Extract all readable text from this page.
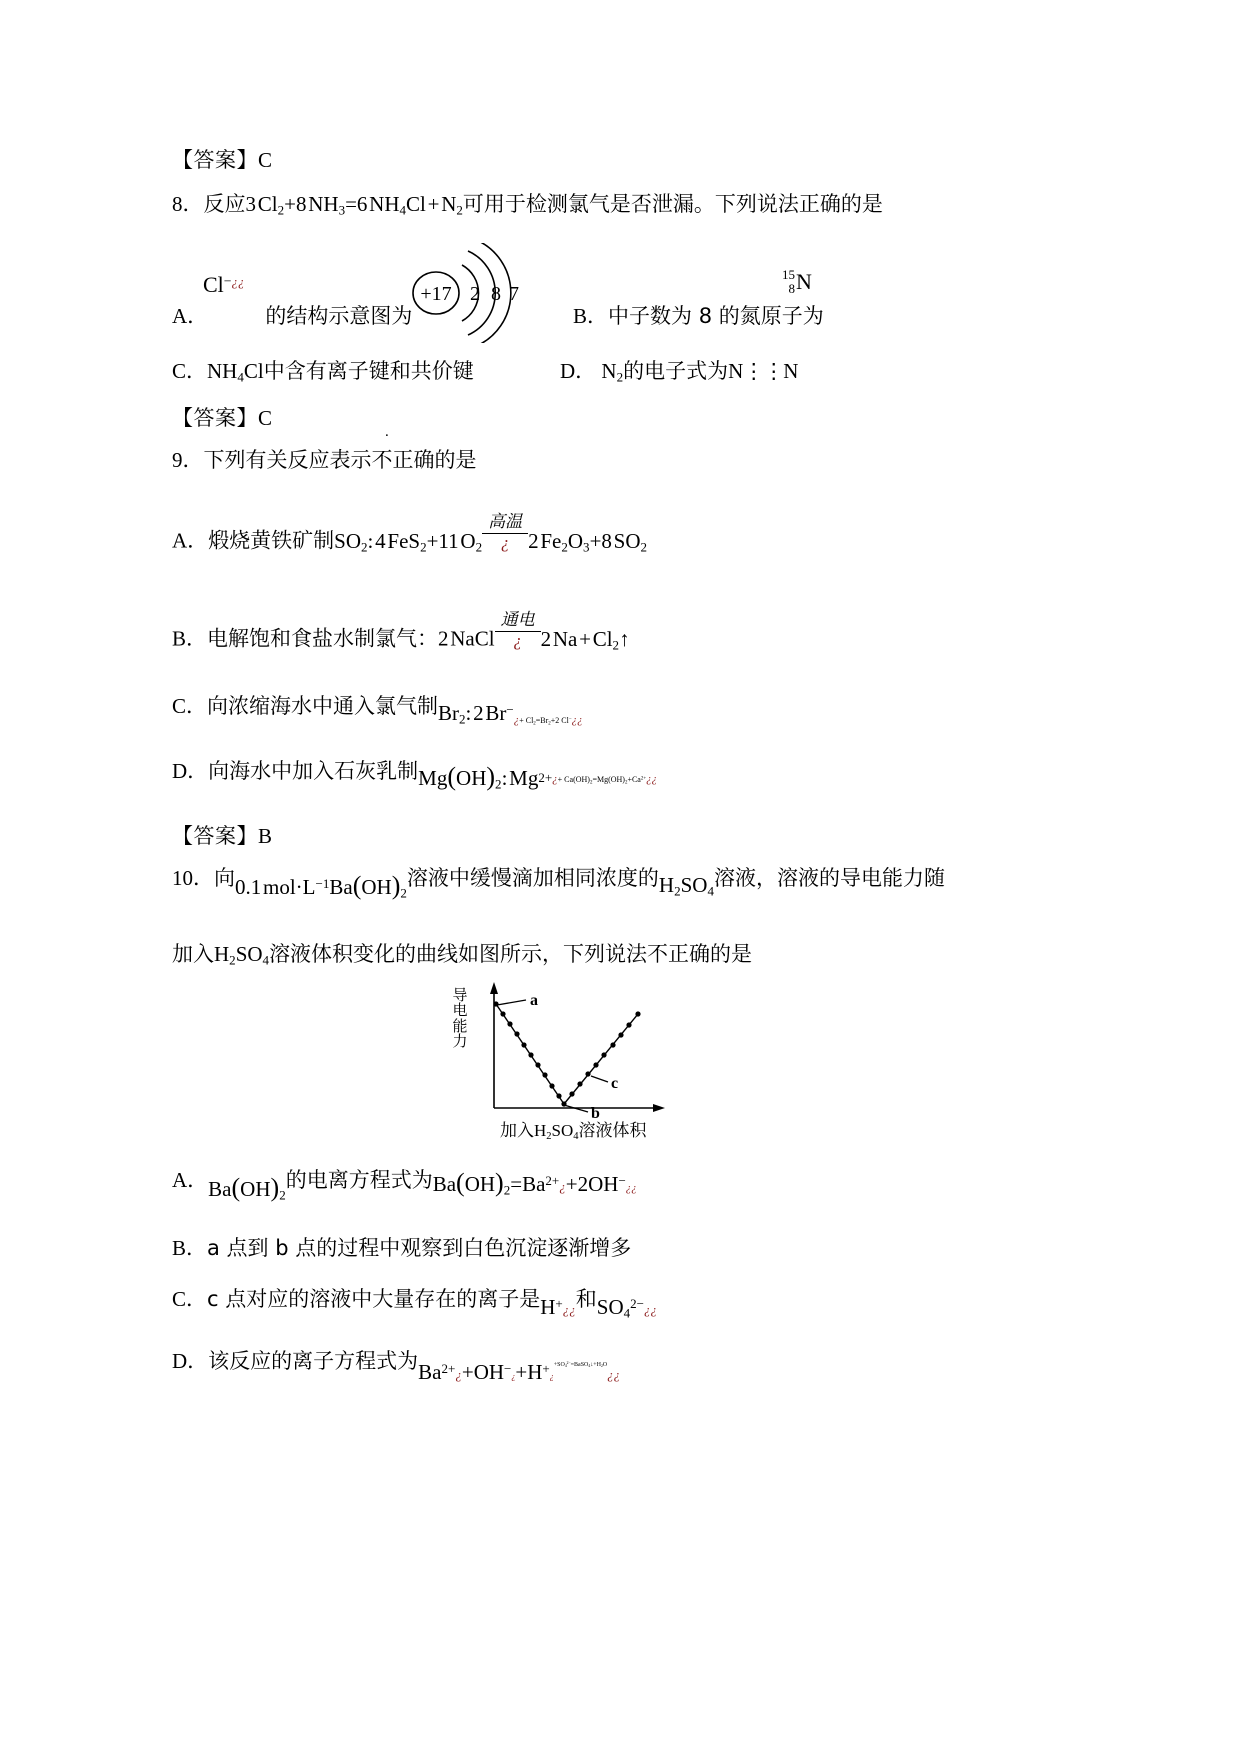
【答案】C
8．反应3 $Cl_2+8$ $NH_3=6$ $NH_4Cl$ + $N_2$可用于检测氯气是否泄漏。下列说法正确的是
Cl−¿¿
+17 2 8 7
15
8 N
A．	的结构示意图为	B．中子数为 8 的氮原子为
C．$NH_4Cl$中含有离子键和共价键	D． $N_2$的电子式为N⋮⋮N
【答案】C
9．下列有关反应表示不正确的是
.
A．煅烧黄铁矿制$SO_2$: 4 FeS$_2$+11 $O_2$
高温
¿ 2 $Fe_2O_3+8$ $SO_2$
B．电解饱和食盐水制氯气：2 NaCl
通电
¿ 2 Na + $Cl_2↑$
C．向浓缩海水中通入氯气制$Br_2$: 2 Br−¿+ $Cl_2=Br_2+2$ Cl−¿¿
D．向海水中加入石灰乳制$Mg(OH)_2$: Mg2+¿+ $Ca(OH)_2=Mg(OH)_2+Ca^{2+}¿¿$
【答案】B
10．向0.1 $mol\cdot L^{-1}Ba(OH)_2$溶液中缓慢滴加相同浓度的$H_2SO_4$溶液，溶液的导电能力随
加入$H_2SO_4$溶液体积变化的曲线如图所示，下列说法不正确的是
a
b
c
导
电
能
力
加入$H_2SO_4$溶液体积
A．$Ba(OH)_2$的电离方程式为$Ba(OH)_2=Ba^{2+}¿+2OH^-¿¿$
B．a 点到 b 点的过程中观察到白色沉淀逐渐增多
C．c 点对应的溶液中大量存在的离子是H+¿¿和$SO_4^{2-}¿¿$
D．该反应的离子方程式为$Ba^{2+}¿+OH^-¿+H^+¿+SO_4^{2-}=BaSO_4↓+H_2O¿¿$
